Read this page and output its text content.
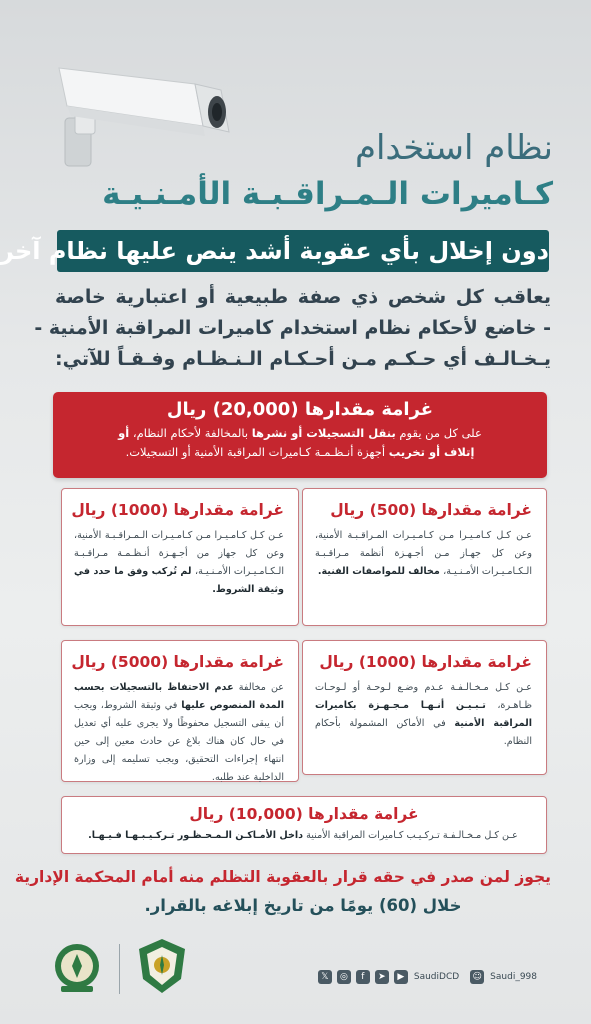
نظام استخدام
كـاميرات الـمـراقـبـة الأمـنـيـة
دون إخلال بأي عقوبة أشد ينص عليها نظام آخر
يعاقب كل شخص ذي صفة طبيعية أو اعتبارية خاصة
- خاضع لأحكام نظام استخدام كاميرات المراقبة الأمنية -
يـخـالـف أي حـكـم مـن أحـكـام الـنـظـام وفـقـاً للآتي:
غرامة مقدارها (20,000) ريال
على كل من يقوم بنقل التسجيلات أو نشرها بالمخالفة لأحكام النظام، أو
إتلاف أو تخريب أجهزة أنـظـمـة كـاميرات المراقبة الأمنية أو التسجيلات.
غرامة مقدارها (500) ريال
عـن كـل كـامـيـرا مـن كـامـيـرات المـراقـبـة الأمنية، وعن كل جهـاز مـن أجـهـزة أنظمة مـراقـبـة الـكـامـيـرات الأمـنـيـة، مخالف للمواصفات الفنية.
غرامة مقدارها (1000) ريال
عـن كـل كـامـيـرا مـن كـامـيـرات الـمـراقـبـة الأمنية، وعن كل جهاز من أجـهـزة أنـظـمـة مـراقـبـة الـكـامـيـرات الأمـنـيـة، لم تُركب وفق ما حدد في وثيقة الشروط.
غرامة مقدارها (1000) ريال
عـن كـل مـخـالـفـة عـدم وضـع لـوحـة أو لـوحـات ظـاهـرة، تـبـيـن أنـهـا مـجـهـزة بكاميرات المراقبة الأمنية في الأماكن المشمولة بأحكام النظام.
غرامة مقدارها (5000) ريال
عن مخالفة عدم الاحتفاظ بالتسجيلات بحسب المدة المنصوص عليها في وثيقة الشروط، ويجب أن يبقى التسجيل محفوظًا ولا يجرى عليه أي تعديل في حال كان هناك بلاغ عن حادث معين إلى حين انتهاء إجراءات التحقيق، ويجب تسليمه إلى وزارة الداخلية عند طلبه.
غرامة مقدارها (10,000) ريال
عـن كـل مـخـالـفـة تـركـيـب كـاميرات المراقبة الأمنية داخل الأمـاكـن الـمـحـظـور تـركـيـبـهـا فـيـهـا.
يجوز لمن صدر في حقه قرار بالعقوبة التظلم منه أمام المحكمة الإدارية
خلال (60) يومًا من تاريخ إبلاغه بالقرار.
𝕏	◎	f	➤	▶	SaudiDCD ☺ Saudi_998
